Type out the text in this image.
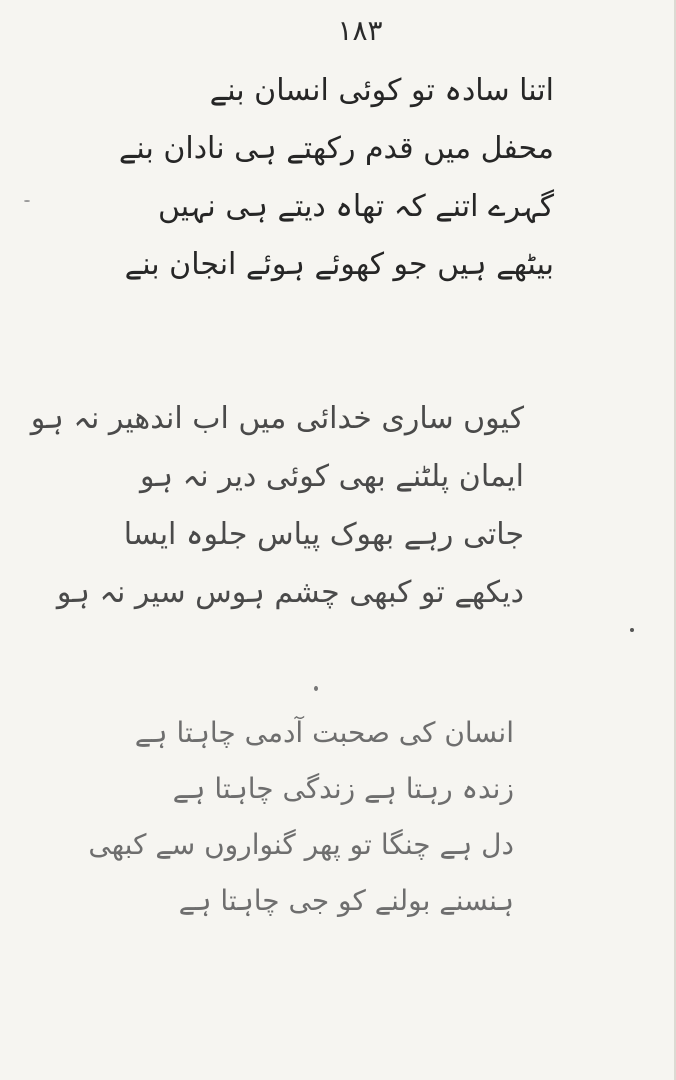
۱۸۳
اتنا سادہ تو کوئی انسان بنے
محفل میں قدم رکھتے ہی نادان بنے
گہرے اتنے کہ تھاہ دیتے ہی نہیں
بیٹھے ہیں جو کھوئے ہوئے انجان بنے
کیوں ساری خدائی میں اب اندھیر نہ ہو
ایمان پلٹنے بھی کوئی دیر نہ ہو
جاتی رہے بھوک پیاس جلوہ ایسا
دیکھے تو کبھی چشم ہوس سیر نہ ہو
انسان کی صحبت آدمی چاہتا ہے
زندہ رہتا ہے زندگی چاہتا ہے
دل ہے چنگا تو پھر گنواروں سے کبھی
ہنسنے بولنے کو جی چاہتا ہے
